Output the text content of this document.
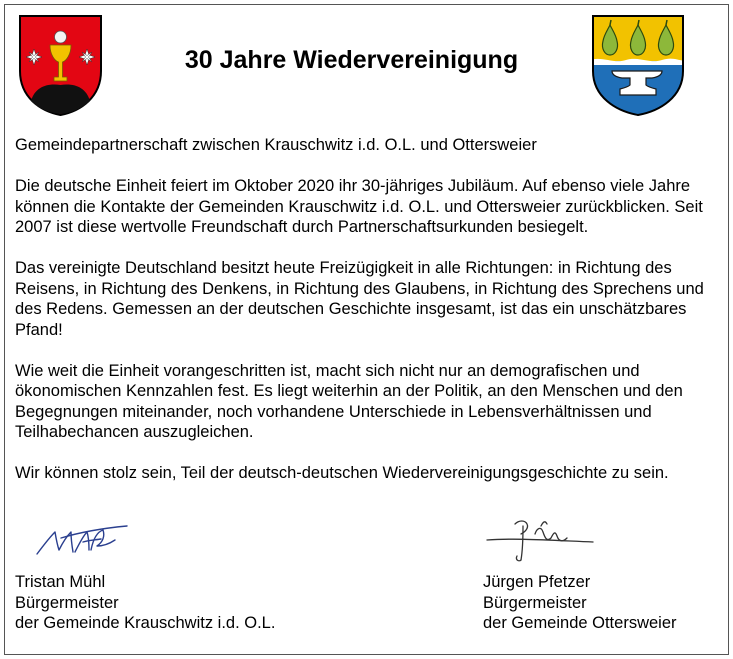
30 Jahre Wiedervereinigung

Gemeindepartnerschaft zwischen Krauschwitz i.d. O.L. und Ottersweier

Die deutsche Einheit feiert im Oktober 2020 ihr 30-jähriges Jubiläum. Auf ebenso viele Jahre können die Kontakte der Gemeinden Krauschwitz i.d. O.L. und Ottersweier zurückblicken. Seit 2007 ist diese wertvolle Freundschaft durch Partnerschaftsurkunden besiegelt.

Das vereinigte Deutschland besitzt heute Freizügigkeit in alle Richtungen: in Richtung des Reisens, in Richtung des Denkens, in Richtung des Glaubens, in Richtung des Sprechens und des Redens. Gemessen an der deutschen Geschichte insgesamt, ist das ein unschätzbares Pfand!

Wie weit die Einheit vorangeschritten ist, macht sich nicht nur an demografischen und ökonomischen Kennzahlen fest. Es liegt weiterhin an der Politik, an den Menschen und den Begegnungen miteinander, noch vorhandene Unterschiede in Lebensverhältnissen und Teilhabechancen auszugleichen.

Wir können stolz sein, Teil der deutsch-deutschen Wiedervereinigungsgeschichte zu sein.

Tristan Mühl
Bürgermeister
der Gemeinde Krauschwitz i.d. O.L.
Jürgen Pfetzer
Bürgermeister
der Gemeinde Ottersweier
